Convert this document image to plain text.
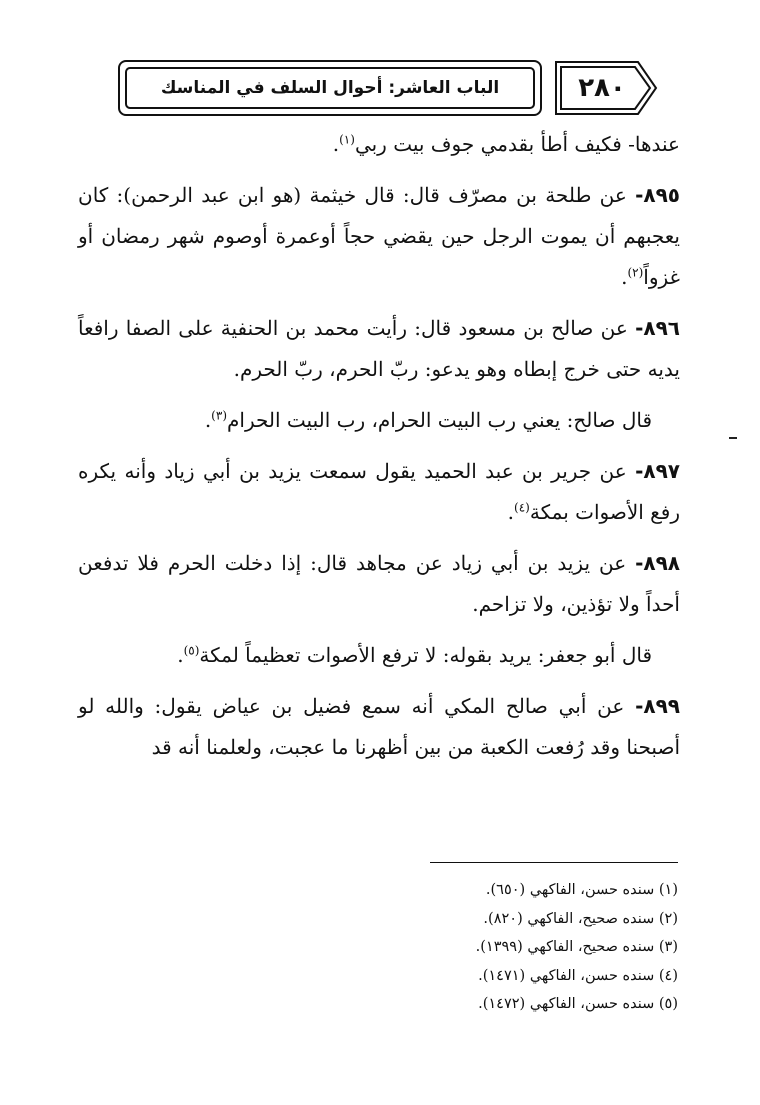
الباب العاشر: أحوال السلف في المناسك	٢٨٠

عندها- فكيف أطأ بقدمي جوف بيت ربي$^{(١)}$.

٨٩٥- عن طلحة بن مصرّف قال: قال خيثمة (هو ابن عبد الرحمن): كان يعجبهم أن يموت الرجل حين يقضي حجاً أوعمرة أوصوم شهر رمضان أو غزواً$^{(٢)}$.

٨٩٦- عن صالح بن مسعود قال: رأيت محمد بن الحنفية على الصفا رافعاً يديه حتى خرج إبطاه وهو يدعو: ربّ الحرم، ربّ الحرم.

قال صالح: يعني رب البيت الحرام، رب البيت الحرام$^{(٣)}$.

٨٩٧- عن جرير بن عبد الحميد يقول سمعت يزيد بن أبي زياد وأنه يكره رفع الأصوات بمكة$^{(٤)}$.

٨٩٨- عن يزيد بن أبي زياد عن مجاهد قال: إذا دخلت الحرم فلا تدفعن أحداً ولا تؤذين، ولا تزاحم.

قال أبو جعفر: يريد بقوله: لا ترفع الأصوات تعظيماً لمكة$^{(٥)}$.

٨٩٩- عن أبي صالح المكي أنه سمع فضيل بن عياض يقول: والله لو أصبحنا وقد رُفعت الكعبة من بين أظهرنا ما عجبت، ولعلمنا أنه قد

(١) سنده حسن، الفاكهي (٦٥٠).
(٢) سنده صحيح، الفاكهي (٨٢٠).
(٣) سنده صحيح، الفاكهي (١٣٩٩).
(٤) سنده حسن، الفاكهي (١٤٧١).
(٥) سنده حسن، الفاكهي (١٤٧٢).
